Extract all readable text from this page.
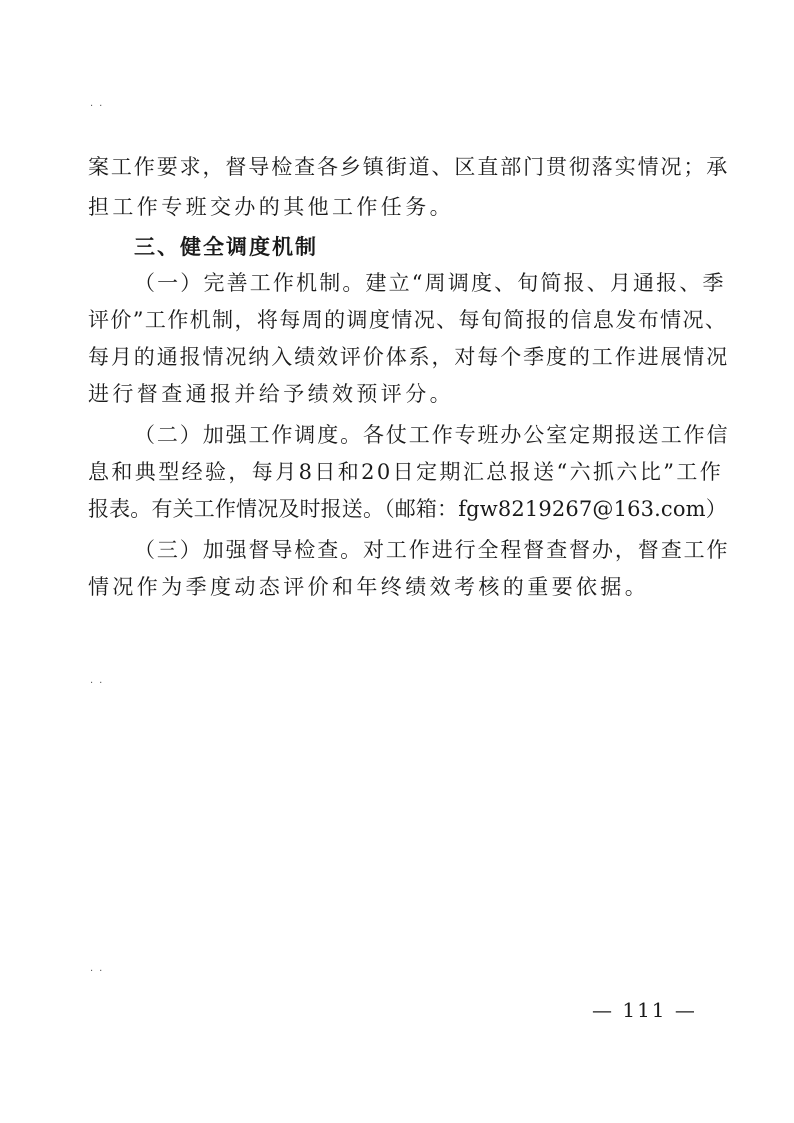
..
案工作要求，督导检查各乡镇街道、区直部门贯彻落实情况；承
担工作专班交办的其他工作任务。
三、健全调度机制
（一）完善工作机制。建立“周调度、旬简报、月通报、季
评价”工作机制，将每周的调度情况、每旬简报的信息发布情况、
每月的通报情况纳入绩效评价体系，对每个季度的工作进展情况
进行督查通报并给予绩效预评分。
（二）加强工作调度。各仗工作专班办公室定期报送工作信
息和典型经验，每月8日和20日定期汇总报送“六抓六比”工作
报表。有关工作情况及时报送。（邮箱：fgw8219267@163.com）
（三）加强督导检查。对工作进行全程督查督办，督查工作
情况作为季度动态评价和年终绩效考核的重要依据。
..
..
— 111 —
